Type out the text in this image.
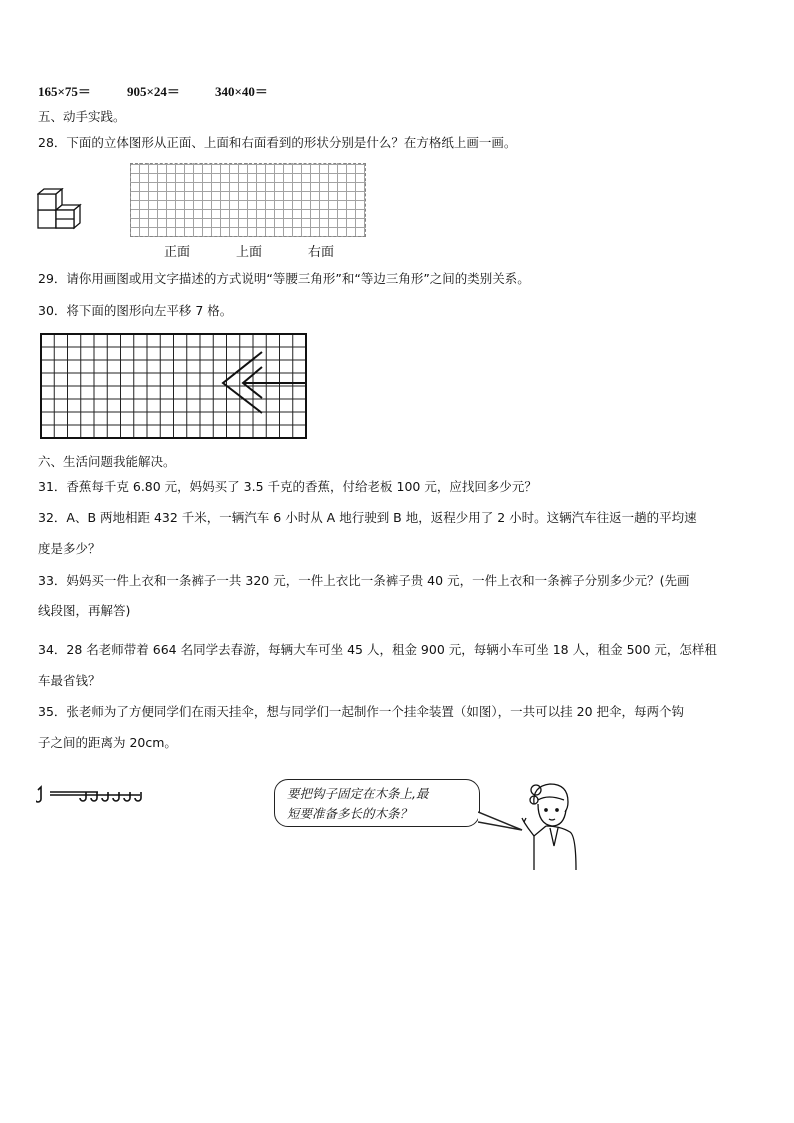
165×75＝	905×24＝	340×40＝
五、动手实践。
28．下面的立体图形从正面、上面和右面看到的形状分别是什么？在方格纸上画一画。
正面	上面	右面
29．请你用画图或用文字描述的方式说明“等腰三角形”和“等边三角形”之间的类别关系。
30．将下面的图形向左平移 7 格。
六、生活问题我能解决。
31．香蕉每千克 6.80 元，妈妈买了 3.5 千克的香蕉，付给老板 100 元，应找回多少元？
32．A、B 两地相距 432 千米，一辆汽车 6 小时从 A 地行驶到 B 地，返程少用了 2 小时。这辆汽车往返一趟的平均速
度是多少？
33．妈妈买一件上衣和一条裤子一共 320 元，一件上衣比一条裤子贵 40 元，一件上衣和一条裤子分别多少元？(先画
线段图，再解答)
34．28 名老师带着 664 名同学去春游，每辆大车可坐 45 人，租金 900 元，每辆小车可坐 18 人，租金 500 元，怎样租
车最省钱？
35．张老师为了方便同学们在雨天挂伞，想与同学们一起制作一个挂伞装置（如图），一共可以挂 20 把伞，每两个钩
子之间的距离为 20cm。
要把钩子固定在木条上,最
短要准备多长的木条？
